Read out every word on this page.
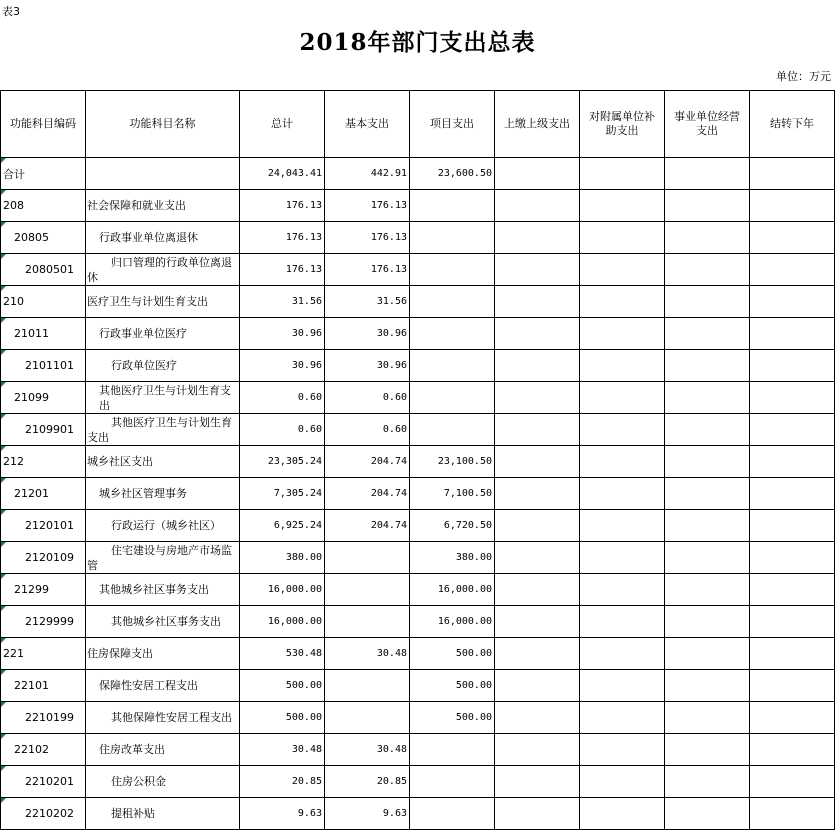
表3
2018年部门支出总表
单位：万元
功能科目编码	功能科目名称	总计	基本支出	项目支出	上缴上级支出	对附属单位补助支出	事业单位经营支出	结转下年
合计		24,043.41	442.91	23,600.50				
208	社会保障和就业支出	176.13	176.13					
20805	行政事业单位离退休	176.13	176.13					
2080501	归口管理的行政单位离退休	176.13	176.13					
210	医疗卫生与计划生育支出	31.56	31.56					
21011	行政事业单位医疗	30.96	30.96					
2101101	行政单位医疗	30.96	30.96					
21099	其他医疗卫生与计划生育支出	0.60	0.60					
2109901	其他医疗卫生与计划生育支出	0.60	0.60					
212	城乡社区支出	23,305.24	204.74	23,100.50				
21201	城乡社区管理事务	7,305.24	204.74	7,100.50				
2120101	行政运行（城乡社区）	6,925.24	204.74	6,720.50				
2120109	住宅建设与房地产市场监管	380.00		380.00				
21299	其他城乡社区事务支出	16,000.00		16,000.00				
2129999	其他城乡社区事务支出	16,000.00		16,000.00				
221	住房保障支出	530.48	30.48	500.00				
22101	保障性安居工程支出	500.00		500.00				
2210199	其他保障性安居工程支出	500.00		500.00				
22102	住房改革支出	30.48	30.48					
2210201	住房公积金	20.85	20.85					
2210202	提租补贴	9.63	9.63					
